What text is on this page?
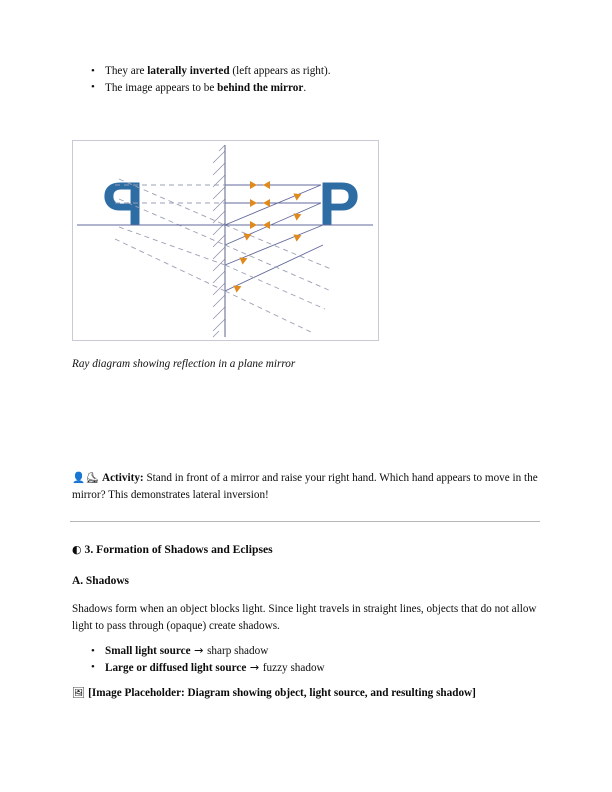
• They are laterally inverted (left appears as right).
• The image appears to be behind the mirror.
P	P
Ray diagram showing reflection in a plane mirror
👤⛸ Activity: Stand in front of a mirror and raise your right hand. Which hand appears to move in the mirror? This demonstrates lateral inversion!
◐ 3. Formation of Shadows and Eclipses
A. Shadows
Shadows form when an object blocks light. Since light travels in straight lines, objects that do not allow light to pass through (opaque) create shadows.
• Small light source → sharp shadow
• Large or diffused light source → fuzzy shadow
🖼 [Image Placeholder: Diagram showing object, light source, and resulting shadow]
